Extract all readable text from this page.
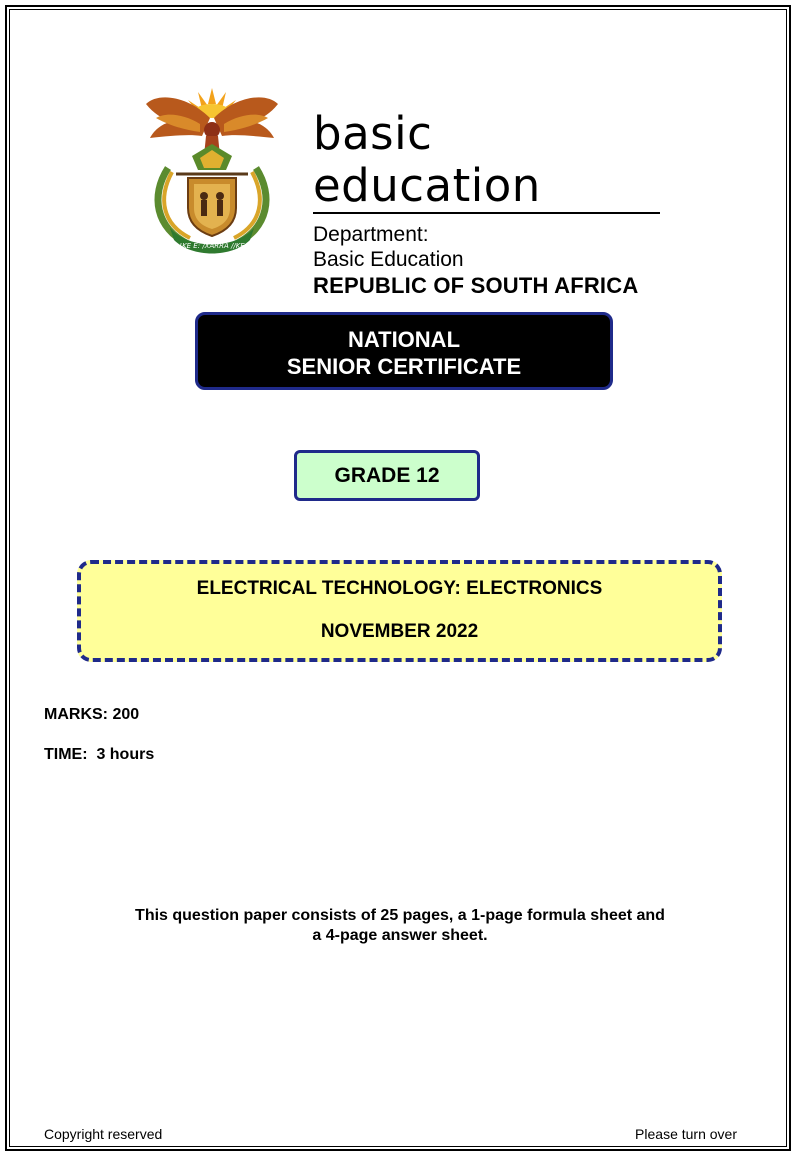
!KE E: /XARRA //KE
basic education
Department:
Basic Education
REPUBLIC OF SOUTH AFRICA
NATIONAL
SENIOR CERTIFICATE
GRADE 12
ELECTRICAL TECHNOLOGY: ELECTRONICS
NOVEMBER 2022
MARKS: 200
TIME:  3 hours
This question paper consists of 25 pages, a 1-page formula sheet and
a 4-page answer sheet.
Copyright reserved	Please turn over
